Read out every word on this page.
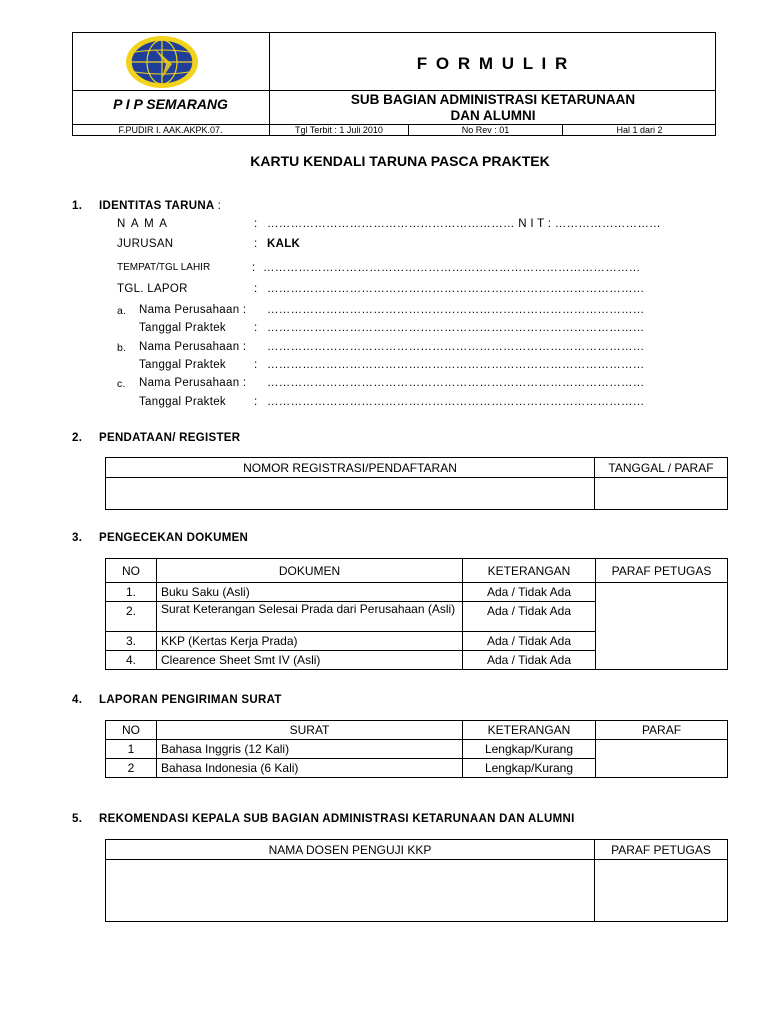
F O R M U L I R
P I P SEMARANG	SUB BAGIAN ADMINISTRASI KETARUNAAN
DAN ALUMNI
F.PUDIR I. AAK.AKPK.07.	Tgl Terbit : 1 Juli 2010	No Rev : 01	Hal 1 dari 2
KARTU KENDALI TARUNA PASCA PRAKTEK
1. IDENTITAS TARUNA :
N A M A	: ……………………………………………………… N I T : ………………………
JURUSAN	: KALK
TEMPAT/TGL LAHIR	: ……………………………………………………………………………………
TGL. LAPOR	: ……………………………………………………………………………………
a. Nama Perusahaan : ……………………………………………………………………………………
Tanggal Praktek : ……………………………………………………………………………………
b. Nama Perusahaan : ……………………………………………………………………………………
Tanggal Praktek : ……………………………………………………………………………………
c. Nama Perusahaan : ……………………………………………………………………………………
Tanggal Praktek : ……………………………………………………………………………………
2. PENDATAAN/ REGISTER
NOMOR REGISTRASI/PENDAFTARAN	TANGGAL / PARAF

3. PENGECEKAN DOKUMEN
NO	DOKUMEN	KETERANGAN	PARAF PETUGAS
1.	Buku Saku (Asli)	Ada / Tidak Ada	
2.	Surat Keterangan Selesai Prada dari Perusahaan (Asli)	Ada / Tidak Ada	
3.	KKP (Kertas Kerja Prada)	Ada / Tidak Ada	
4.	Clearence Sheet Smt IV (Asli)	Ada / Tidak Ada	
4. LAPORAN PENGIRIMAN SURAT
NO	SURAT	KETERANGAN	PARAF
1	Bahasa Inggris (12 Kali)	Lengkap/Kurang	
2	Bahasa Indonesia (6 Kali)	Lengkap/Kurang	
5. REKOMENDASI KEPALA SUB BAGIAN ADMINISTRASI KETARUNAAN DAN ALUMNI
NAMA DOSEN PENGUJI KKP	PARAF PETUGAS
